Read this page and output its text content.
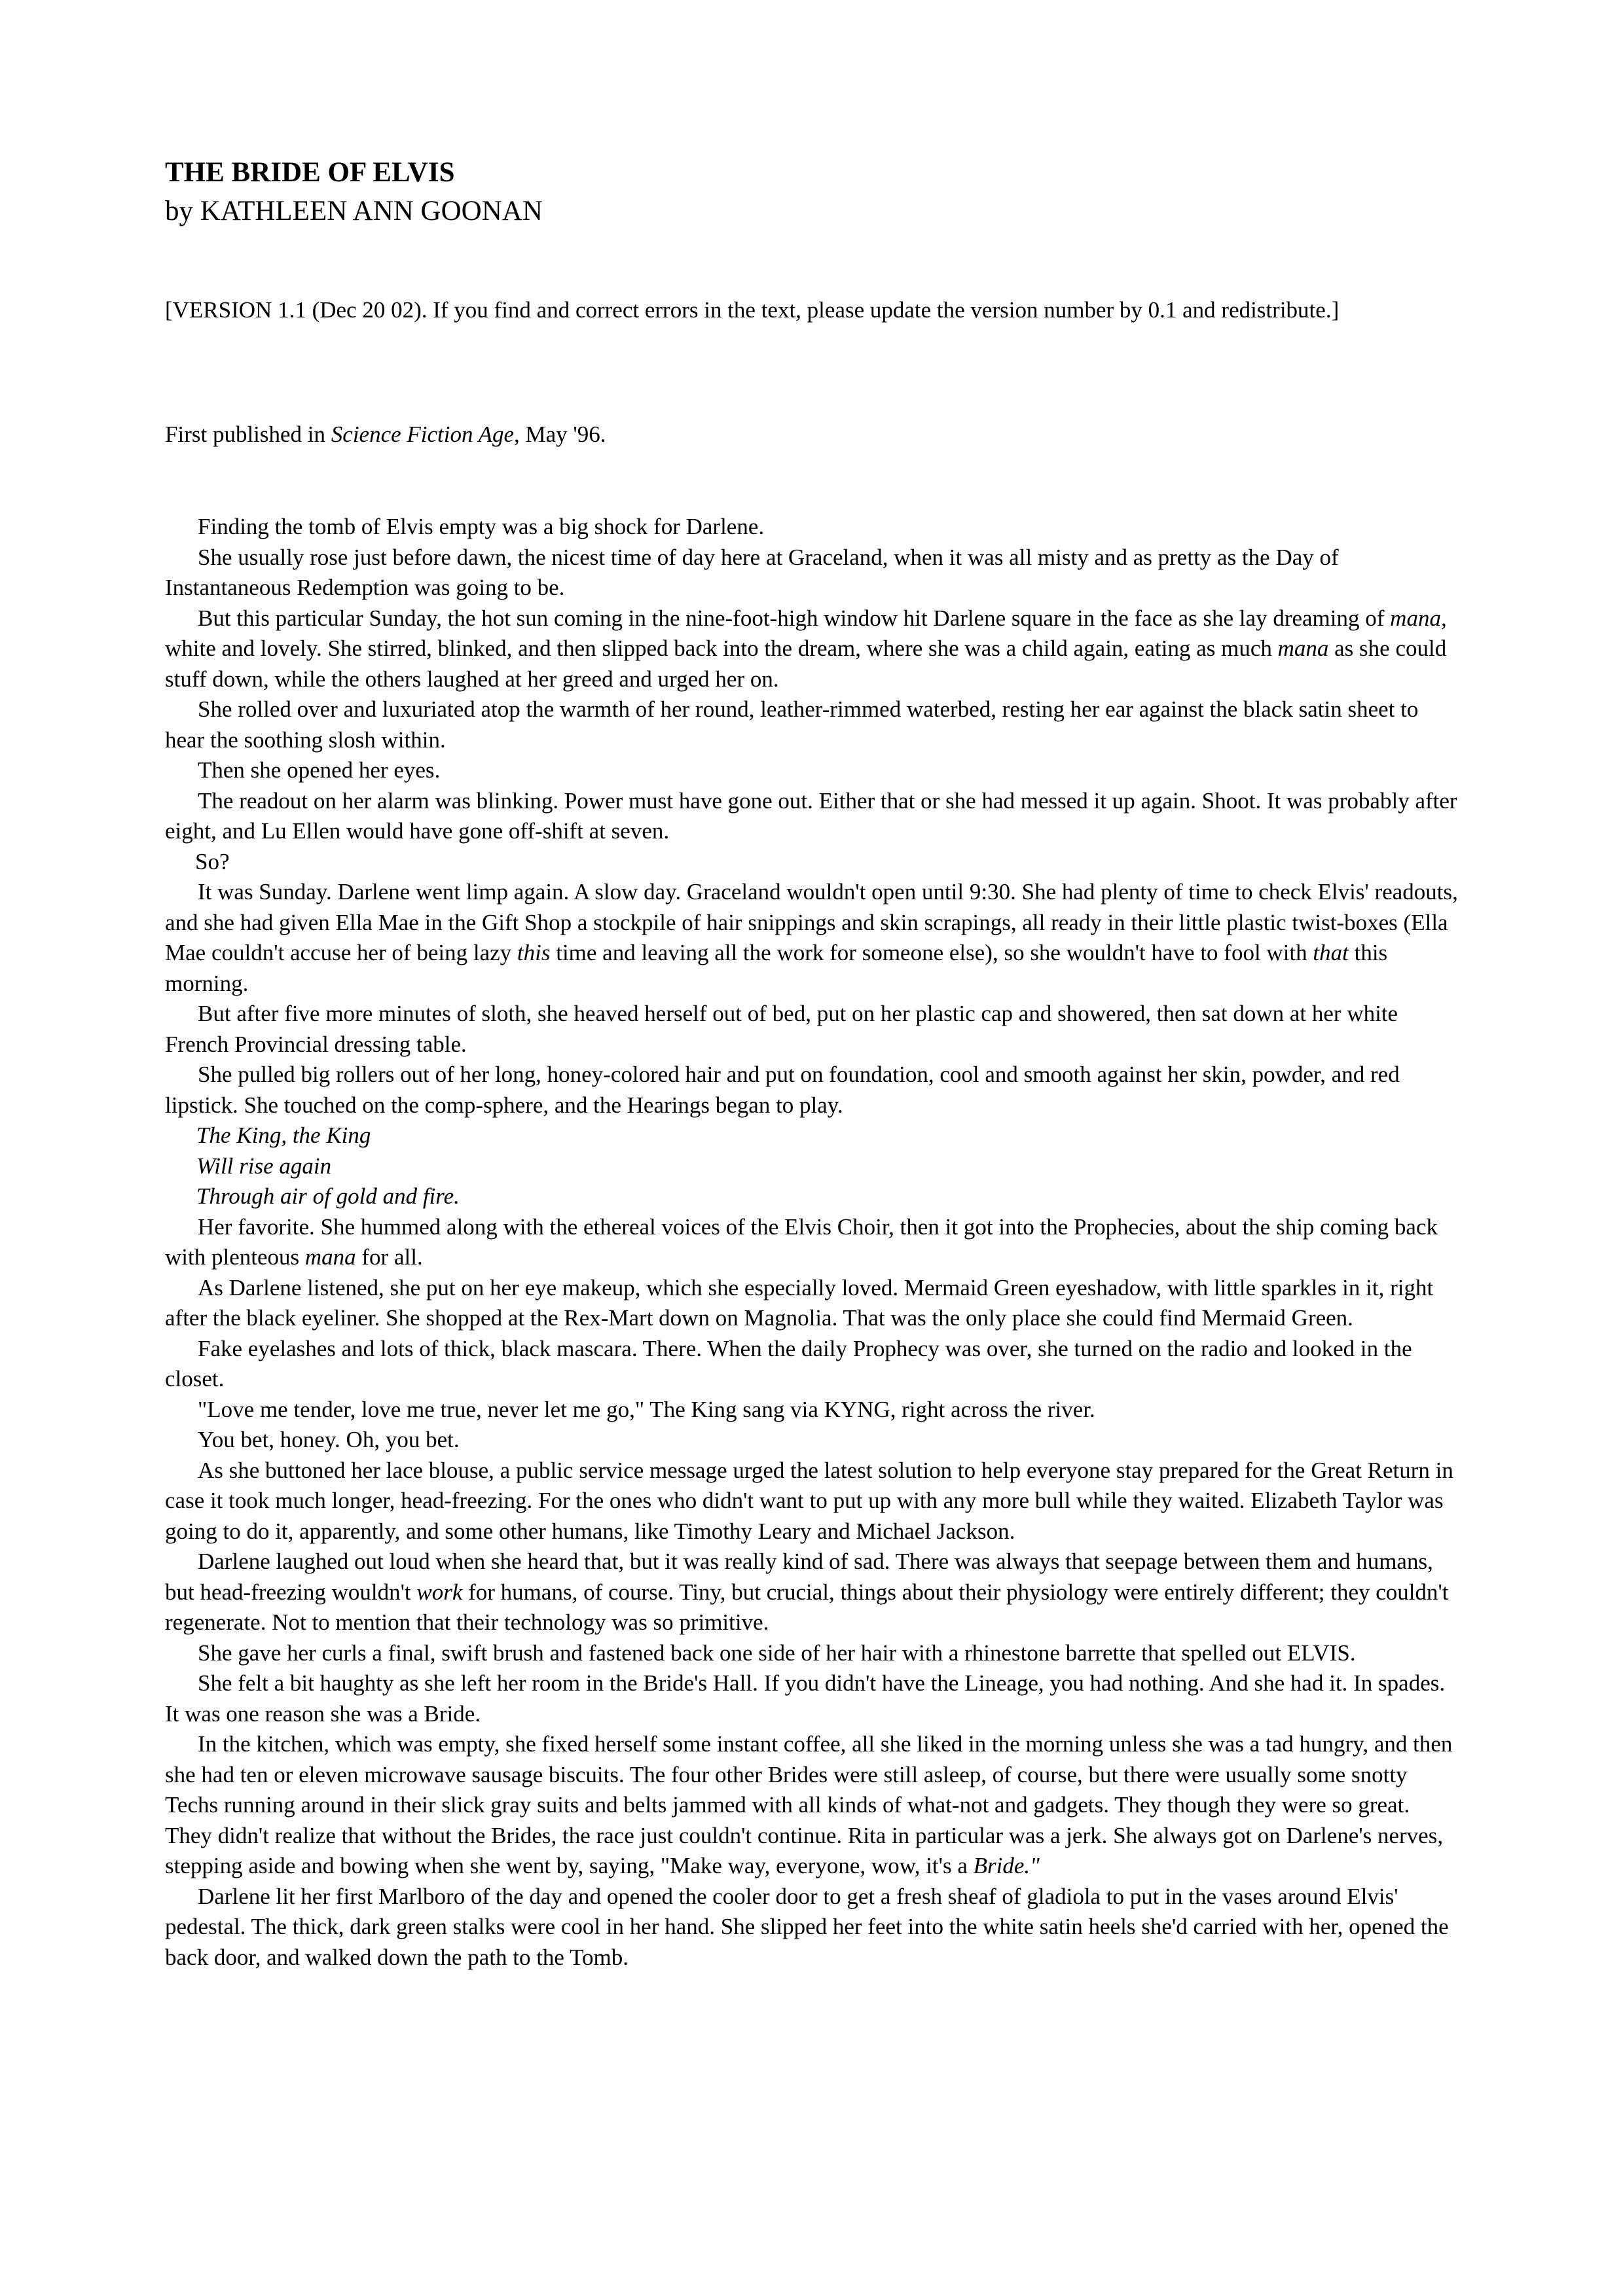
THE BRIDE OF ELVIS
by KATHLEEN ANN GOONAN

[VERSION 1.1 (Dec 20 02). If you find and correct errors in the text, please update the version number by 0.1 and redistribute.]

First published in Science Fiction Age, May '96.

Finding the tomb of Elvis empty was a big shock for Darlene.

She usually rose just before dawn, the nicest time of day here at Graceland, when it was all misty and as pretty as the Day of Instantaneous Redemption was going to be.

But this particular Sunday, the hot sun coming in the nine-foot-high window hit Darlene square in the face as she lay dreaming of mana, white and lovely. She stirred, blinked, and then slipped back into the dream, where she was a child again, eating as much mana as she could stuff down, while the others laughed at her greed and urged her on.

She rolled over and luxuriated atop the warmth of her round, leather-rimmed waterbed, resting her ear against the black satin sheet to hear the soothing slosh within.

Then she opened her eyes.

The readout on her alarm was blinking. Power must have gone out. Either that or she had messed it up again. Shoot. It was probably after eight, and Lu Ellen would have gone off-shift at seven.

So?

It was Sunday. Darlene went limp again. A slow day. Graceland wouldn't open until 9:30. She had plenty of time to check Elvis' readouts, and she had given Ella Mae in the Gift Shop a stockpile of hair snippings and skin scrapings, all ready in their little plastic twist-boxes (Ella Mae couldn't accuse her of being lazy this time and leaving all the work for someone else), so she wouldn't have to fool with that this morning.

But after five more minutes of sloth, she heaved herself out of bed, put on her plastic cap and showered, then sat down at her white French Provincial dressing table.

She pulled big rollers out of her long, honey-colored hair and put on foundation, cool and smooth against her skin, powder, and red lipstick. She touched on the comp-sphere, and the Hearings began to play.

The King, the King

Will rise again

Through air of gold and fire.

Her favorite. She hummed along with the ethereal voices of the Elvis Choir, then it got into the Prophecies, about the ship coming back with plenteous mana for all.

As Darlene listened, she put on her eye makeup, which she especially loved. Mermaid Green eyeshadow, with little sparkles in it, right after the black eyeliner. She shopped at the Rex-Mart down on Magnolia. That was the only place she could find Mermaid Green.

Fake eyelashes and lots of thick, black mascara. There. When the daily Prophecy was over, she turned on the radio and looked in the closet.

"Love me tender, love me true, never let me go," The King sang via KYNG, right across the river.

You bet, honey. Oh, you bet.

As she buttoned her lace blouse, a public service message urged the latest solution to help everyone stay prepared for the Great Return in case it took much longer, head-freezing. For the ones who didn't want to put up with any more bull while they waited. Elizabeth Taylor was going to do it, apparently, and some other humans, like Timothy Leary and Michael Jackson.

Darlene laughed out loud when she heard that, but it was really kind of sad. There was always that seepage between them and humans, but head-freezing wouldn't work for humans, of course. Tiny, but crucial, things about their physiology were entirely different; they couldn't regenerate. Not to mention that their technology was so primitive.

She gave her curls a final, swift brush and fastened back one side of her hair with a rhinestone barrette that spelled out ELVIS.

She felt a bit haughty as she left her room in the Bride's Hall. If you didn't have the Lineage, you had nothing. And she had it. In spades. It was one reason she was a Bride.

In the kitchen, which was empty, she fixed herself some instant coffee, all she liked in the morning unless she was a tad hungry, and then she had ten or eleven microwave sausage biscuits. The four other Brides were still asleep, of course, but there were usually some snotty Techs running around in their slick gray suits and belts jammed with all kinds of what-not and gadgets. They though they were so great. They didn't realize that without the Brides, the race just couldn't continue. Rita in particular was a jerk. She always got on Darlene's nerves, stepping aside and bowing when she went by, saying, "Make way, everyone, wow, it's a Bride."

Darlene lit her first Marlboro of the day and opened the cooler door to get a fresh sheaf of gladiola to put in the vases around Elvis' pedestal. The thick, dark green stalks were cool in her hand. She slipped her feet into the white satin heels she'd carried with her, opened the back door, and walked down the path to the Tomb.
